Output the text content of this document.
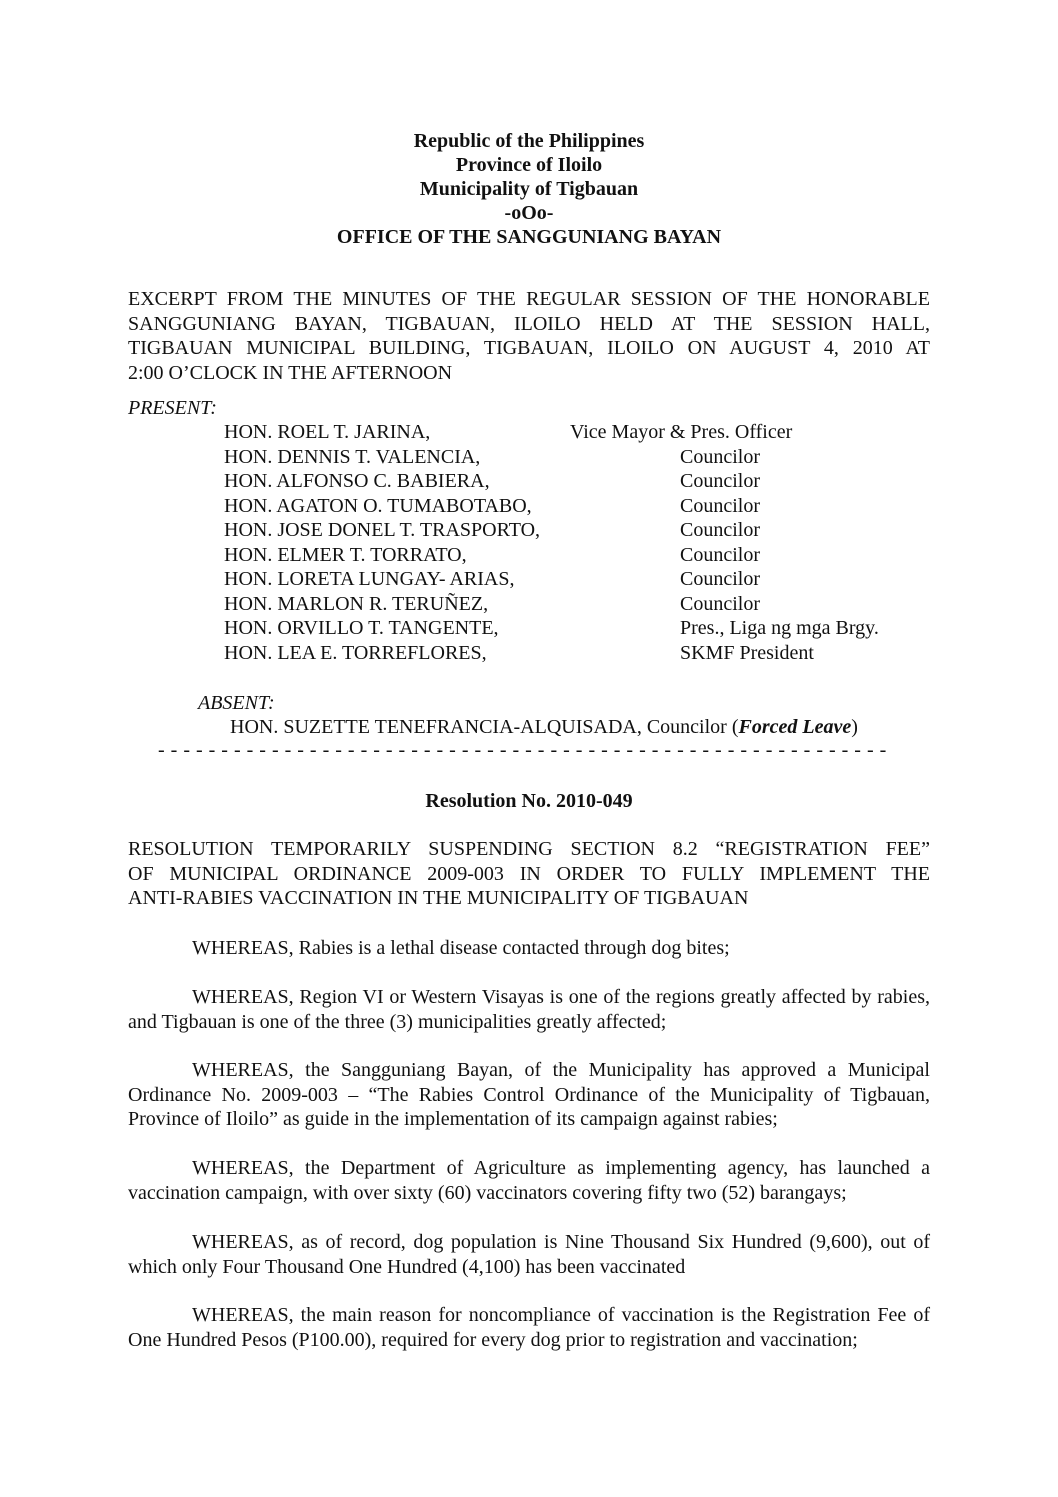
Republic of the Philippines
Province of Iloilo
Municipality of Tigbauan
-oOo-
OFFICE OF THE SANGGUNIANG BAYAN
EXCERPT FROM THE MINUTES OF THE REGULAR SESSION OF THE HONORABLE
SANGGUNIANG BAYAN, TIGBAUAN, ILOILO HELD AT THE SESSION HALL,
TIGBAUAN MUNICIPAL BUILDING, TIGBAUAN, ILOILO ON AUGUST 4, 2010 AT
2:00 O’CLOCK IN THE AFTERNOON
PRESENT:
HON. ROEL T. JARINA,	Vice Mayor & Pres. Officer
HON. DENNIS T. VALENCIA,	Councilor
HON. ALFONSO C. BABIERA,	Councilor
HON. AGATON O. TUMABOTABO,	Councilor
HON. JOSE DONEL T. TRASPORTO,	Councilor
HON. ELMER T. TORRATO,	Councilor
HON. LORETA LUNGAY- ARIAS,	Councilor
HON. MARLON R. TERUÑEZ,	Councilor
HON. ORVILLO T. TANGENTE,	Pres., Liga ng mga Brgy.
HON. LEA E. TORREFLORES,	SKMF President
ABSENT:
HON. SUZETTE TENEFRANCIA-ALQUISADA, Councilor (Forced Leave)
- - - - - - - - - - - - - - - - - - - - - - - - - - - - - - - - - - - - - - - - - - - - - - - - - - - - - - - - - -
Resolution No. 2010-049
RESOLUTION TEMPORARILY SUSPENDING SECTION 8.2 “REGISTRATION FEE”
OF MUNICIPAL ORDINANCE 2009-003 IN ORDER TO FULLY IMPLEMENT THE
ANTI-RABIES VACCINATION IN THE MUNICIPALITY OF TIGBAUAN
WHEREAS, Rabies is a lethal disease contacted through dog bites;
WHEREAS, Region VI or Western Visayas is one of the regions greatly affected by rabies, and Tigbauan is one of the three (3) municipalities greatly affected;
WHEREAS, the Sangguniang Bayan, of the Municipality has approved a Municipal Ordinance No. 2009-003 – “The Rabies Control Ordinance of the Municipality of Tigbauan, Province of Iloilo” as guide in the implementation of its campaign against rabies;
WHEREAS, the Department of Agriculture as implementing agency, has launched a vaccination campaign, with over sixty (60) vaccinators covering fifty two (52) barangays;
WHEREAS, as of record, dog population is Nine Thousand Six Hundred (9,600), out of which only Four Thousand One Hundred (4,100) has been vaccinated
WHEREAS, the main reason for noncompliance of vaccination is the Registration Fee of One Hundred Pesos (P100.00), required for every dog prior to registration and vaccination;
